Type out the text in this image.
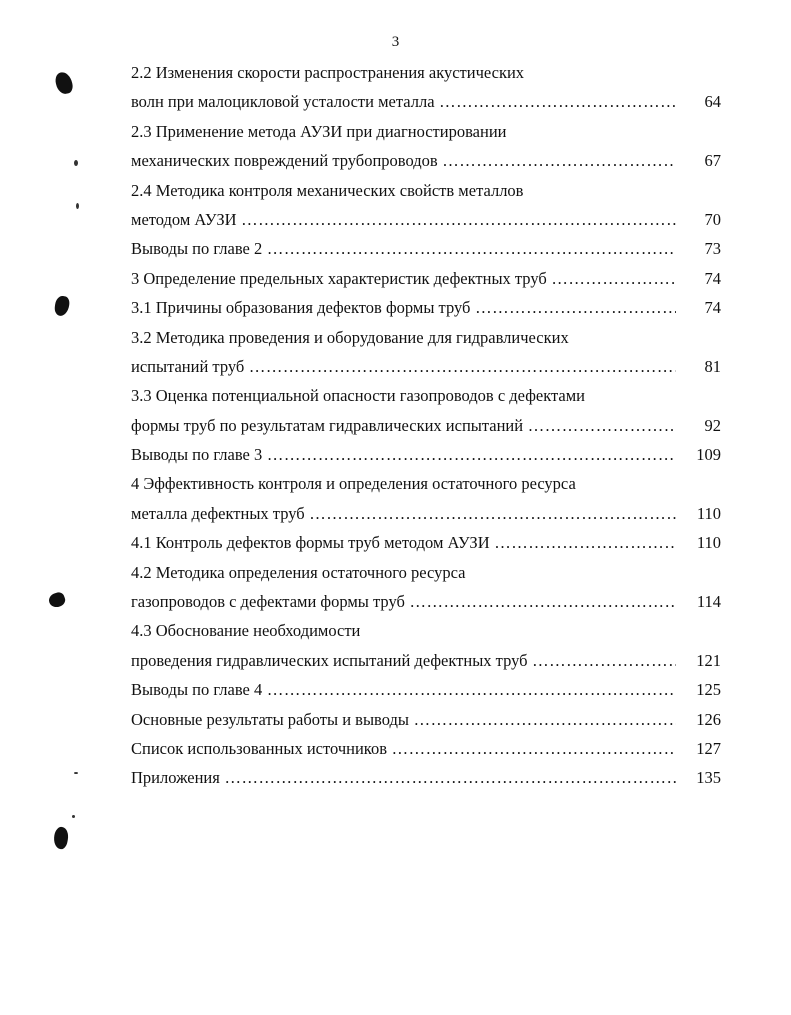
3
2.2 Изменения скорости распространения акустических
волн при малоцикловой усталости металла ………………………………………………………………………………………………………………………………………	64
2.3 Применение метода АУЗИ при диагностировании
механических повреждений трубопроводов ………………………………………………………………………………………………………………………………………	67
2.4 Методика контроля механических свойств металлов
методом АУЗИ ………………………………………………………………………………………………………………………………………	70
Выводы по главе 2 ………………………………………………………………………………………………………………………………………	73
3 Определение предельных характеристик дефектных труб ………………………………………………………………………………………………………………………………………	74
3.1 Причины образования дефектов формы труб ………………………………………………………………………………………………………………………………………	74
3.2 Методика проведения и оборудование для гидравлических
испытаний труб ………………………………………………………………………………………………………………………………………	81
3.3 Оценка потенциальной опасности газопроводов с дефектами
формы труб по результатам гидравлических испытаний ………………………………………………………………………………………………………………………………………	92
Выводы по главе 3 ………………………………………………………………………………………………………………………………………	109
4 Эффективность контроля и определения остаточного ресурса
металла дефектных труб ………………………………………………………………………………………………………………………………………	110
4.1 Контроль дефектов формы труб методом АУЗИ ………………………………………………………………………………………………………………………………………	110
4.2 Методика определения остаточного ресурса
газопроводов с дефектами формы труб ………………………………………………………………………………………………………………………………………	114
4.3 Обоснование необходимости
проведения гидравлических испытаний дефектных труб ………………………………………………………………………………………………………………………………………	121
Выводы по главе 4 ………………………………………………………………………………………………………………………………………	125
Основные результаты работы и выводы ………………………………………………………………………………………………………………………………………	126
Список использованных источников ………………………………………………………………………………………………………………………………………	127
Приложения ………………………………………………………………………………………………………………………………………	135
